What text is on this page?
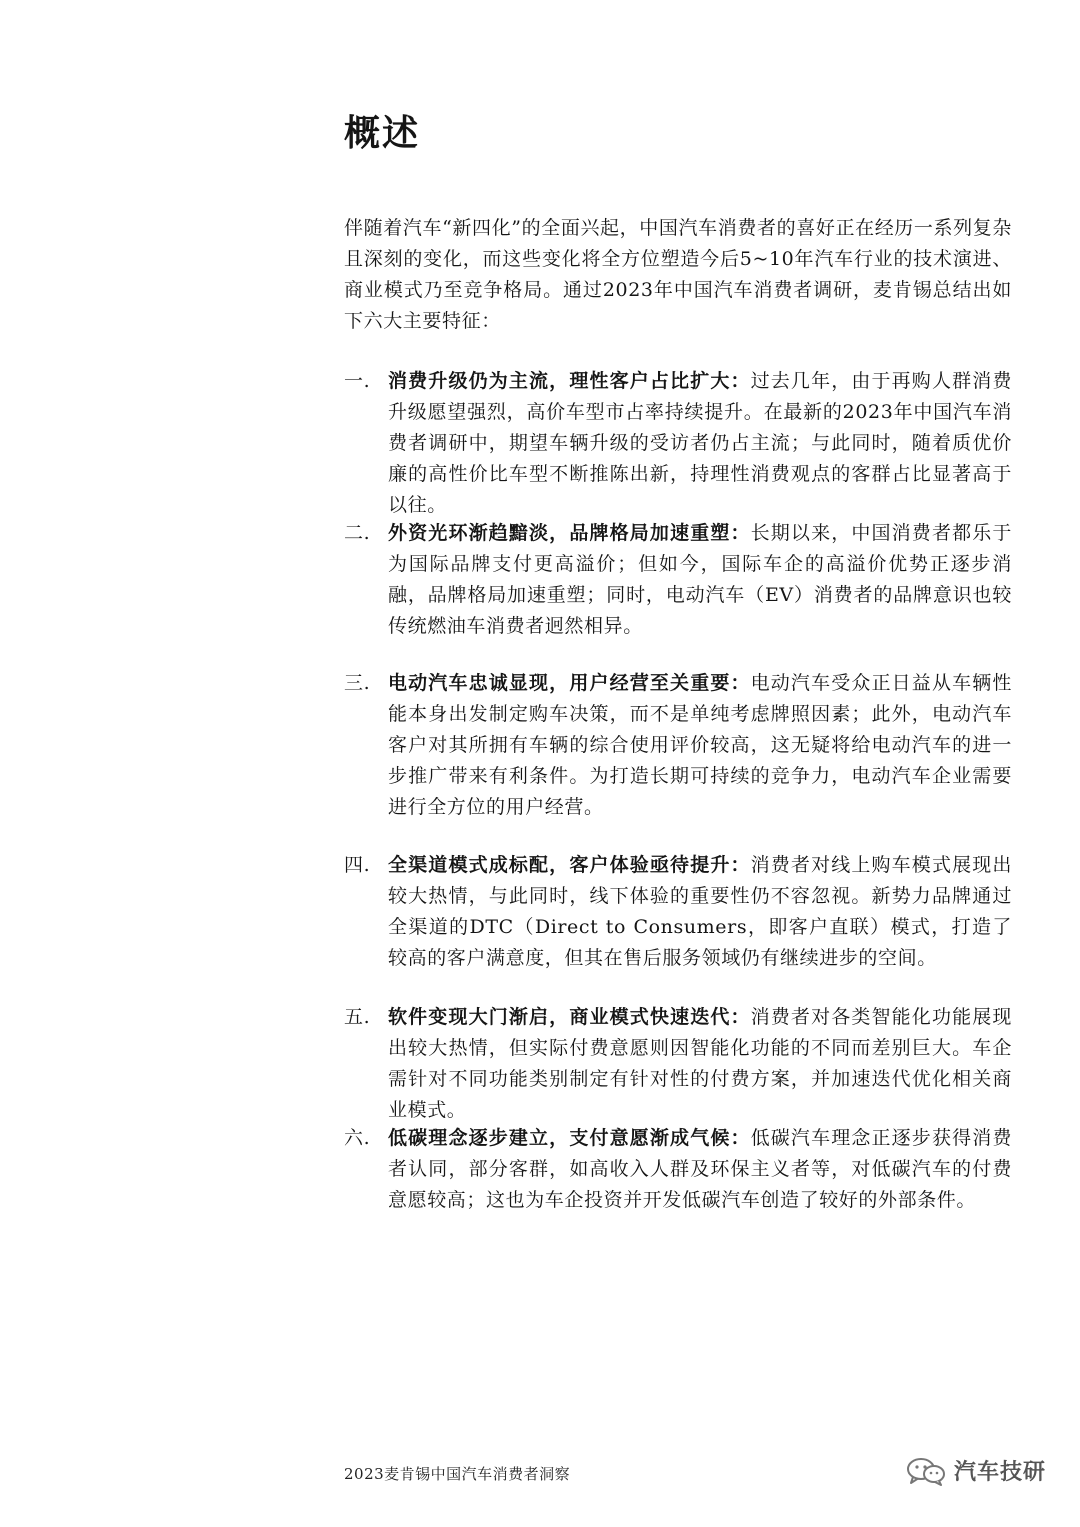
概述

伴随着汽车“新四化”的全面兴起，中国汽车消费者的喜好正在经历一系列复杂且深刻的变化，而这些变化将全方位塑造今后5~10年汽车行业的技术演进、商业模式乃至竞争格局。通过2023年中国汽车消费者调研，麦肯锡总结出如下六大主要特征：

一. 消费升级仍为主流，理性客户占比扩大：过去几年，由于再购人群消费升级愿望强烈，高价车型市占率持续提升。在最新的2023年中国汽车消费者调研中，期望车辆升级的受访者仍占主流；与此同时，随着质优价廉的高性价比车型不断推陈出新，持理性消费观点的客群占比显著高于以往。
二. 外资光环渐趋黯淡，品牌格局加速重塑：长期以来，中国消费者都乐于为国际品牌支付更高溢价；但如今，国际车企的高溢价优势正逐步消融，品牌格局加速重塑；同时，电动汽车（EV）消费者的品牌意识也较传统燃油车消费者迥然相异。
三. 电动汽车忠诚显现，用户经营至关重要：电动汽车受众正日益从车辆性能本身出发制定购车决策，而不是单纯考虑牌照因素；此外，电动汽车客户对其所拥有车辆的综合使用评价较高，这无疑将给电动汽车的进一步推广带来有利条件。为打造长期可持续的竞争力，电动汽车企业需要进行全方位的用户经营。
四. 全渠道模式成标配，客户体验亟待提升：消费者对线上购车模式展现出较大热情，与此同时，线下体验的重要性仍不容忽视。新势力品牌通过全渠道的DTC（Direct to Consumers，即客户直联）模式，打造了较高的客户满意度，但其在售后服务领域仍有继续进步的空间。
五. 软件变现大门渐启，商业模式快速迭代：消费者对各类智能化功能展现出较大热情，但实际付费意愿则因智能化功能的不同而差别巨大。车企需针对不同功能类别制定有针对性的付费方案，并加速迭代优化相关商业模式。
六. 低碳理念逐步建立，支付意愿渐成气候：低碳汽车理念正逐步获得消费者认同，部分客群，如高收入人群及环保主义者等，对低碳汽车的付费意愿较高；这也为车企投资并开发低碳汽车创造了较好的外部条件。
2023麦肯锡中国汽车消费者洞察	汽车技研
